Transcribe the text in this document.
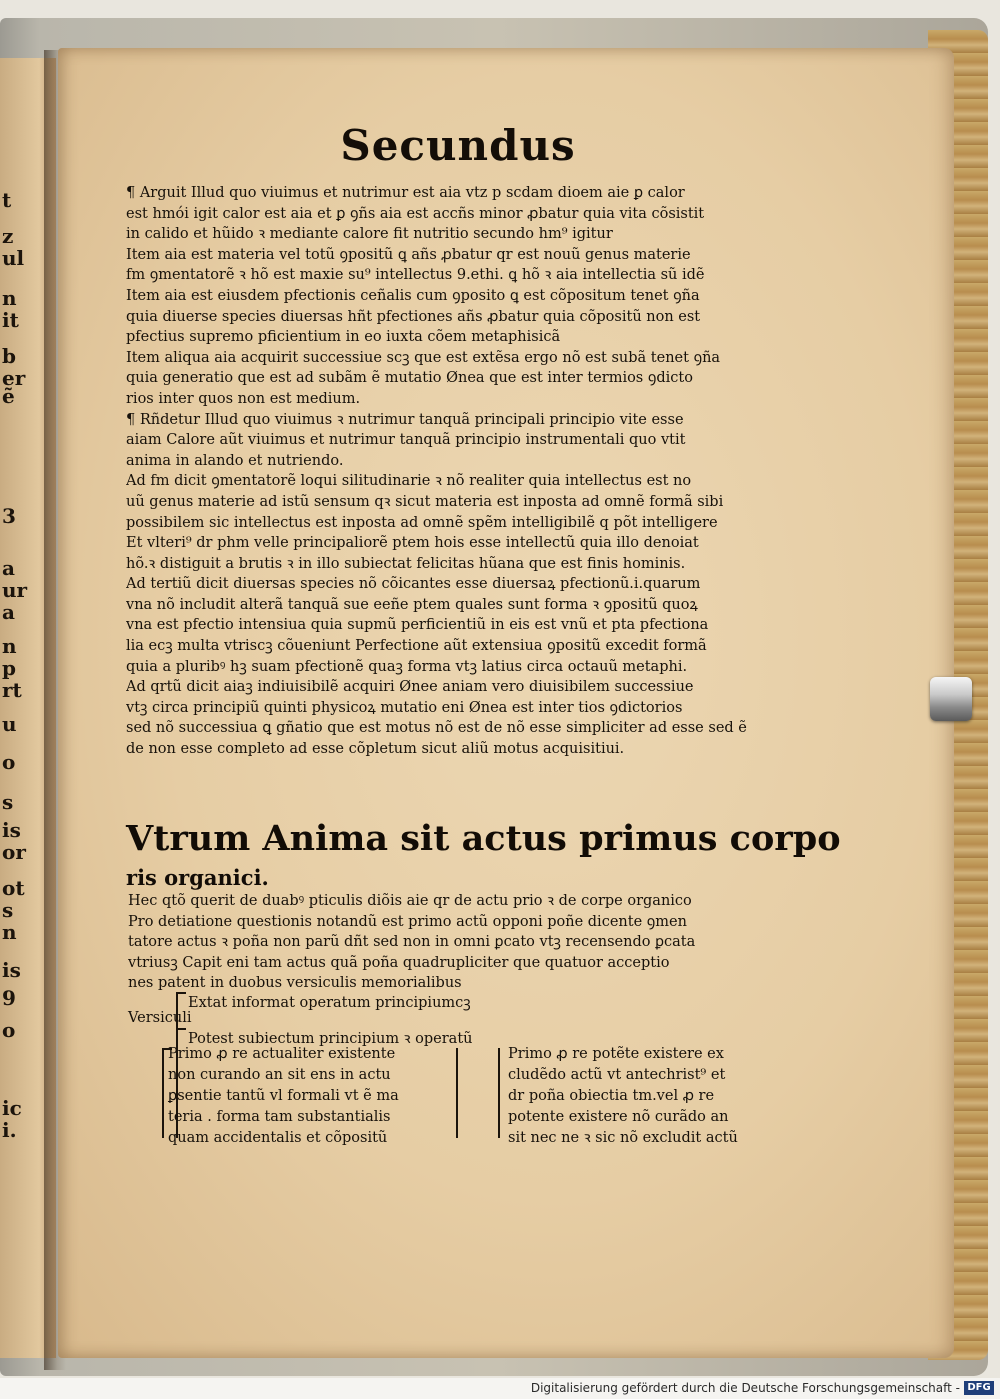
t
z
ul
n
it
b
er
ẽ
3
a
ur
a
n
p
rt
u
o
s
is
or
ot
s
n
is
9
o
ic
i.
Secundus
¶ Arguit Illud quo viuimus et nutrimur est aia vtz p scdam dioem aie ꝑ calor
est hmói igit calor est aia et ꝑ ꝯñs aia est accñs minor ꝓbatur quia vita cõsistit
in calido et hũido ꝛ mediante calore fit nutritio secundo hm⁹ igitur
Item aia est materia vel totũ ꝯpositũ ꝗ añs ꝓbatur qr est nouũ genus materie
fm ꝯmentatorẽ ꝛ hõ est maxie su⁹ intellectus 9.ethi. ꝗ hõ ꝛ aia intellectia sũ idẽ
Item aia est eiusdem pfectionis ceñalis cum ꝯposito ꝗ est cõpositum tenet ꝯña
quia diuerse species diuersas hñt pfectiones añs ꝓbatur quia cõpositũ non est
pfectius supremo pficientium in eo iuxta cõem metaphisicã
Item aliqua aia acquirit successiue scꝫ que est extẽsa ergo nõ est subã tenet ꝯña
quia generatio que est ad subãm ẽ mutatio Ønea que est inter termios ꝯdicto
rios inter quos non est medium.
¶ Rñdetur Illud quo viuimus ꝛ nutrimur tanquã principali principio vite esse
aiam Calore aũt viuimus et nutrimur tanquã principio instrumentali quo vtit
anima in alando et nutriendo.
Ad fm dicit ꝯmentatorẽ loqui silitudinarie ꝛ nõ realiter quia intellectus est no
uũ genus materie ad istũ sensum qꝛ sicut materia est inposta ad omnẽ formã sibi
possibilem sic intellectus est inposta ad omnẽ spẽm intelligibilẽ q põt intelligere
Et vlteri⁹ dr phm velle principaliorẽ ptem hois esse intellectũ quia illo denoiat
hõ.ꝛ distiguit a brutis ꝛ in illo subiectat felicitas hũana que est finis hominis.
Ad tertiũ dicit diuersas species nõ cõicantes esse diuersaꝝ pfectionũ.i.quarum
vna nõ includit alterã tanquã sue eeñe ptem quales sunt forma ꝛ ꝯpositũ quoꝝ
vna est pfectio intensiua quia supmũ perficientiũ in eis est vnũ et pta pfectiona
lia ecꝫ multa vtriscꝫ cõueniunt Perfectione aũt extensiua ꝯpositũ excedit formã
quia a pluribꝰ hꝫ suam pfectionẽ quaꝫ forma vtꝫ latius circa octauũ metaphi.
Ad qrtũ dicit aiaꝫ indiuisibilẽ acquiri Ønee aniam vero diuisibilem successiue
vtꝫ circa principiũ quinti physicoꝝ mutatio eni Ønea est inter tios ꝯdictorios
sed nõ successiua ꝗ gñatio que est motus nõ est de nõ esse simpliciter ad esse sed ẽ
de non esse completo ad esse cõpletum sicut aliũ motus acquisitiui.
Vtrum Anima sit actus primus corpo
ris organici.
Hec qtõ querit de duabꝰ pticulis diõis aie qr de actu prio ꝛ de corpe organico
Pro detiatione questionis notandũ est primo actũ opponi poñe dicente ꝯmen
tatore actus ꝛ poña non parũ dñt sed non in omni ꝑcato vtꝫ recensendo ꝑcata
vtriusꝫ Capit eni tam actus quã poña quadrupliciter que quatuor acceptio
nes patent in duobus versiculis memorialibus
Extat informat operatum principiumcꝫ
Versiculi
Potest subiectum principium ꝛ operatũ
Primo ꝓ re actualiter existente
non curando an sit ens in actu
ꝑsentie tantũ vl formali vt ẽ ma
teria . forma tam substantialis
quam accidentalis et cõpositũ
Primo ꝓ re potẽte existere ex
cludẽdo actũ vt antechrist⁹ et
dr poña obiectia tm.vel ꝓ re
potente existere nõ curãdo an
sit nec ne ꝛ sic nõ excludit actũ
Digitalisierung gefördert durch die Deutsche Forschungsgemeinschaft - DFG
